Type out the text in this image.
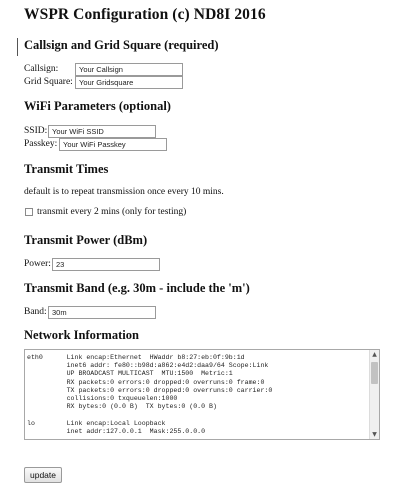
WSPR Configuration (c) ND8I 2016
Callsign and Grid Square (required)
Callsign:	Your Callsign
Grid Square: Your Gridsquare
WiFi Parameters (optional)
SSID: Your WiFi SSID
Passkey: Your WiFi Passkey
Transmit Times
default is to repeat transmission once every 10 mins.
transmit every 2 mins (only for testing)
Transmit Power (dBm)
Power: 23
Transmit Band (e.g. 30m - include the 'm')
Band: 30m
Network Information
eth0      Link encap:Ethernet  HWaddr b8:27:eb:0f:9b:1d
inet6 addr: fe80::b98d:a862:e4d2:daa9/64 Scope:Link
UP BROADCAST MULTICAST  MTU:1500  Metric:1
RX packets:0 errors:0 dropped:0 overruns:0 frame:0
TX packets:0 errors:0 dropped:0 overruns:0 carrier:0
collisions:0 txqueuelen:1000
RX bytes:0 (0.0 B)  TX bytes:0 (0.0 B)

lo        Link encap:Local Loopback
inet addr:127.0.0.1  Mask:255.0.0.0
▲
▼
update
